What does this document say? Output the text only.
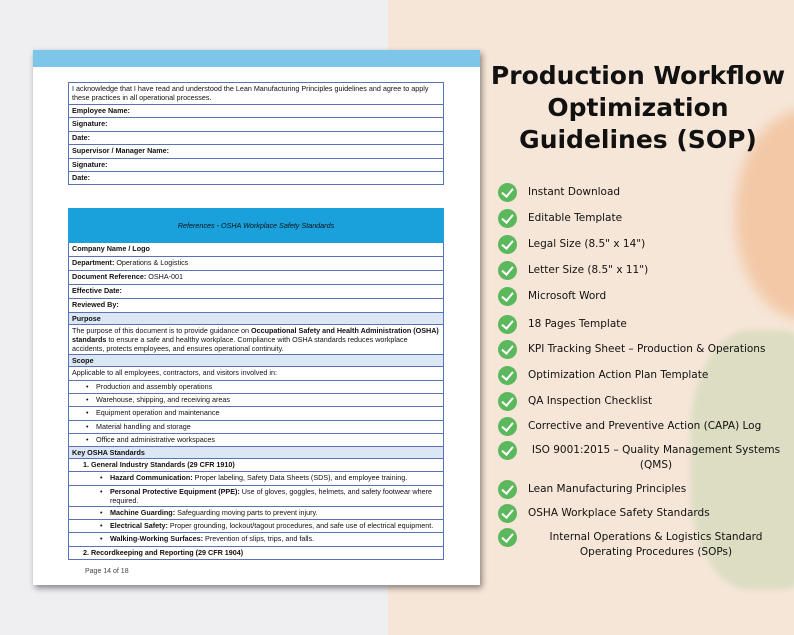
I acknowledge that I have read and understood the Lean Manufacturing Principles guidelines and agree to apply these practices in all operational processes.
Employee Name:
Signature:
Date:
Supervisor / Manager Name:
Signature:
Date:
References - OSHA Workplace Safety Standards
Company Name / Logo
Department: Operations & Logistics
Document Reference: OSHA-001
Effective Date:
Reviewed By:
Purpose
The purpose of this document is to provide guidance on Occupational Safety and Health Administration (OSHA) standards to ensure a safe and healthy workplace. Compliance with OSHA standards reduces workplace accidents, protects employees, and ensures operational continuity.
Scope
Applicable to all employees, contractors, and visitors involved in:

• Production and assembly operations

• Warehouse, shipping, and receiving areas

• Equipment operation and maintenance

• Material handling and storage

• Office and administrative workspaces

Key OSHA Standards
1. General Industry Standards (29 CFR 1910)

• Hazard Communication: Proper labeling, Safety Data Sheets (SDS), and employee training.

• Personal Protective Equipment (PPE): Use of gloves, goggles, helmets, and safety footwear where required.

• Machine Guarding: Safeguarding moving parts to prevent injury.

• Electrical Safety: Proper grounding, lockout/tagout procedures, and safe use of electrical equipment.

• Walking-Working Surfaces: Prevention of slips, trips, and falls.

2. Recordkeeping and Reporting (29 CFR 1904)
Page 14 of 18
Production Workflow Optimization Guidelines (SOP)
Instant Download
Editable Template
Legal Size (8.5" x 14")
Letter Size (8.5" x 11")
Microsoft Word
18 Pages Template
KPI Tracking Sheet – Production & Operations
Optimization Action Plan Template
QA Inspection Checklist
Corrective and Preventive Action (CAPA) Log
ISO 9001:2015 – Quality Management Systems (QMS)
Lean Manufacturing Principles
OSHA Workplace Safety Standards
Internal Operations & Logistics Standard Operating Procedures (SOPs)
